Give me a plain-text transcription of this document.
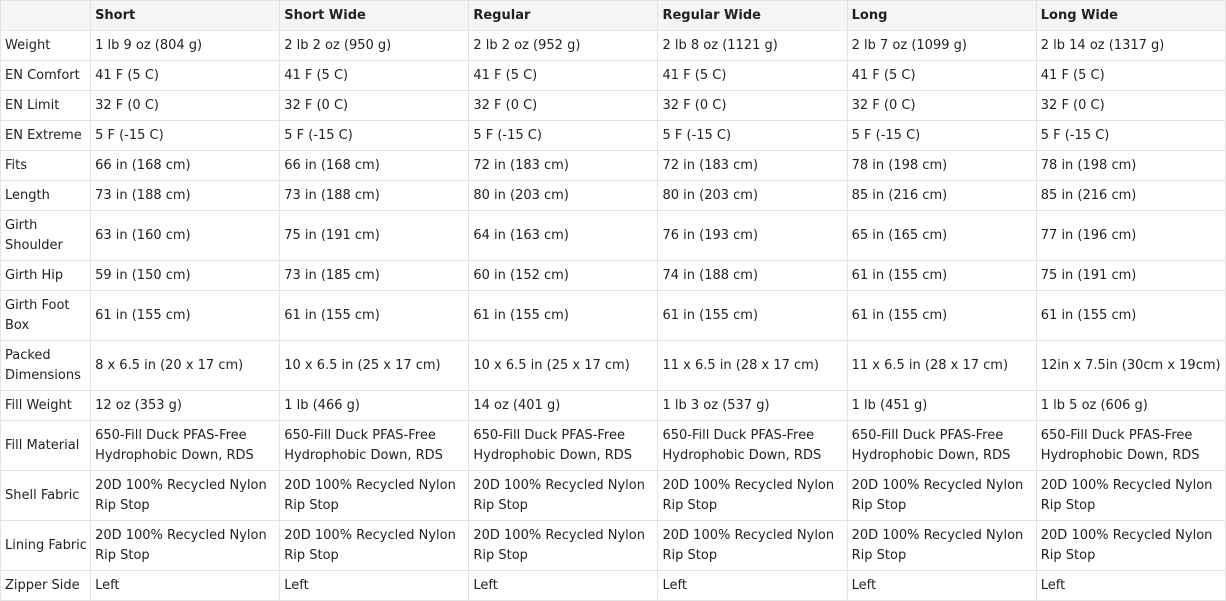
	Short	Short Wide	Regular	Regular Wide	Long	Long Wide
Weight	1 lb 9 oz (804 g)	2 lb 2 oz (950 g)	2 lb 2 oz (952 g)	2 lb 8 oz (1121 g)	2 lb 7 oz (1099 g)	2 lb 14 oz (1317 g)
EN Comfort	41 F (5 C)	41 F (5 C)	41 F (5 C)	41 F (5 C)	41 F (5 C)	41 F (5 C)
EN Limit	32 F (0 C)	32 F (0 C)	32 F (0 C)	32 F (0 C)	32 F (0 C)	32 F (0 C)
EN Extreme	5 F (-15 C)	5 F (-15 C)	5 F (-15 C)	5 F (-15 C)	5 F (-15 C)	5 F (-15 C)
Fits	66 in (168 cm)	66 in (168 cm)	72 in (183 cm)	72 in (183 cm)	78 in (198 cm)	78 in (198 cm)
Length	73 in (188 cm)	73 in (188 cm)	80 in (203 cm)	80 in (203 cm)	85 in (216 cm)	85 in (216 cm)
Girth Shoulder	63 in (160 cm)	75 in (191 cm)	64 in (163 cm)	76 in (193 cm)	65 in (165 cm)	77 in (196 cm)
Girth Hip	59 in (150 cm)	73 in (185 cm)	60 in (152 cm)	74 in (188 cm)	61 in (155 cm)	75 in (191 cm)
Girth Foot Box	61 in (155 cm)	61 in (155 cm)	61 in (155 cm)	61 in (155 cm)	61 in (155 cm)	61 in (155 cm)
Packed Dimensions	8 x 6.5 in (20 x 17 cm)	10 x 6.5 in (25 x 17 cm)	10 x 6.5 in (25 x 17 cm)	11 x 6.5 in (28 x 17 cm)	11 x 6.5 in (28 x 17 cm)	12in x 7.5in (30cm x 19cm)
Fill Weight	12 oz (353 g)	1 lb (466 g)	14 oz (401 g)	1 lb 3 oz (537 g)	1 lb (451 g)	1 lb 5 oz (606 g)
Fill Material	650-Fill Duck PFAS-Free Hydrophobic Down, RDS	650-Fill Duck PFAS-Free Hydrophobic Down, RDS	650-Fill Duck PFAS-Free Hydrophobic Down, RDS	650-Fill Duck PFAS-Free Hydrophobic Down, RDS	650-Fill Duck PFAS-Free Hydrophobic Down, RDS	650-Fill Duck PFAS-Free Hydrophobic Down, RDS
Shell Fabric	20D 100% Recycled Nylon Rip Stop	20D 100% Recycled Nylon Rip Stop	20D 100% Recycled Nylon Rip Stop	20D 100% Recycled Nylon Rip Stop	20D 100% Recycled Nylon Rip Stop	20D 100% Recycled Nylon Rip Stop
Lining Fabric	20D 100% Recycled Nylon Rip Stop	20D 100% Recycled Nylon Rip Stop	20D 100% Recycled Nylon Rip Stop	20D 100% Recycled Nylon Rip Stop	20D 100% Recycled Nylon Rip Stop	20D 100% Recycled Nylon Rip Stop
Zipper Side	Left	Left	Left	Left	Left	Left
